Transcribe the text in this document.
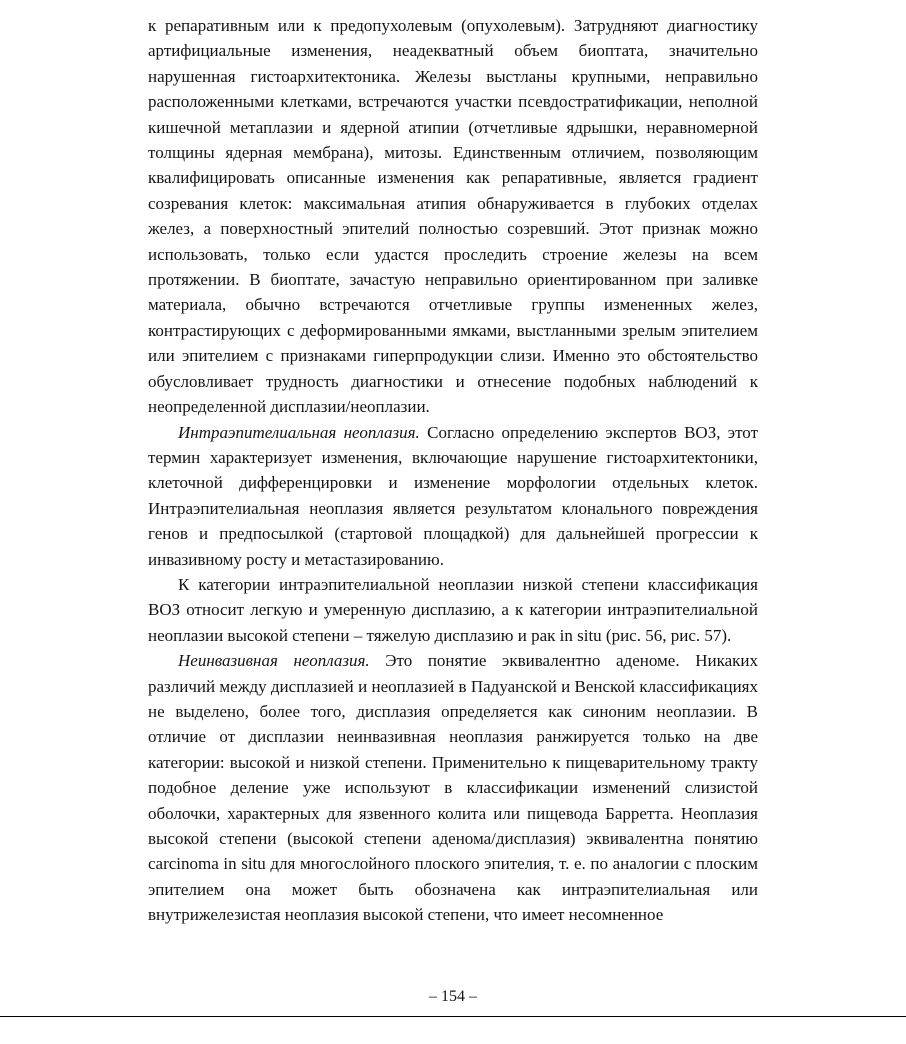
к репаративным или к предопухолевым (опухолевым). Затрудняют диагностику артифициальные изменения, неадекватный объем биоптата, значительно нарушенная гистоархитектоника. Железы выстланы крупными, неправильно расположенными клетками, встречаются участки псевдостратификации, неполной кишечной метаплазии и ядерной атипии (отчетливые ядрышки, неравномерной толщины ядерная мембрана), митозы. Единственным отличием, позволяющим квалифицировать описанные изменения как репаративные, является градиент созревания клеток: максимальная атипия обнаруживается в глубоких отделах желез, а поверхностный эпителий полностью созревший. Этот признак можно использовать, только если удастся проследить строение железы на всем протяжении. В биоптате, зачастую неправильно ориентированном при заливке материала, обычно встречаются отчетливые группы измененных желез, контрастирующих с деформированными ямками, выстланными зрелым эпителием или эпителием с признаками гиперпродукции слизи. Именно это обстоятельство обусловливает трудность диагностики и отнесение подобных наблюдений к неопределенной дисплазии/неоплазии.

Интраэпителиальная неоплазия. Согласно определению экспертов ВОЗ, этот термин характеризует изменения, включающие нарушение гистоархитектоники, клеточной дифференцировки и изменение морфологии отдельных клеток. Интраэпителиальная неоплазия является результатом клонального повреждения генов и предпосылкой (стартовой площадкой) для дальнейшей прогрессии к инвазивному росту и метастазированию.

К категории интраэпителиальной неоплазии низкой степени классификация ВОЗ относит легкую и умеренную дисплазию, а к категории интраэпителиальной неоплазии высокой степени – тяжелую дисплазию и рак in situ (рис. 56, рис. 57).

Неинвазивная неоплазия. Это понятие эквивалентно аденоме. Никаких различий между дисплазией и неоплазией в Падуанской и Венской классификациях не выделено, более того, дисплазия определяется как синоним неоплазии. В отличие от дисплазии неинвазивная неоплазия ранжируется только на две категории: высокой и низкой степени. Применительно к пищеварительному тракту подобное деление уже используют в классификации изменений слизистой оболочки, характерных для язвенного колита или пищевода Барретта. Неоплазия высокой степени (высокой степени аденома/дисплазия) эквивалентна понятию carcinoma in situ для многослойного плоского эпителия, т. е. по аналогии с плоским эпителием она может быть обозначена как интраэпителиальная или внутрижелезистая неоплазия высокой степени, что имеет несомненное

– 154 –
